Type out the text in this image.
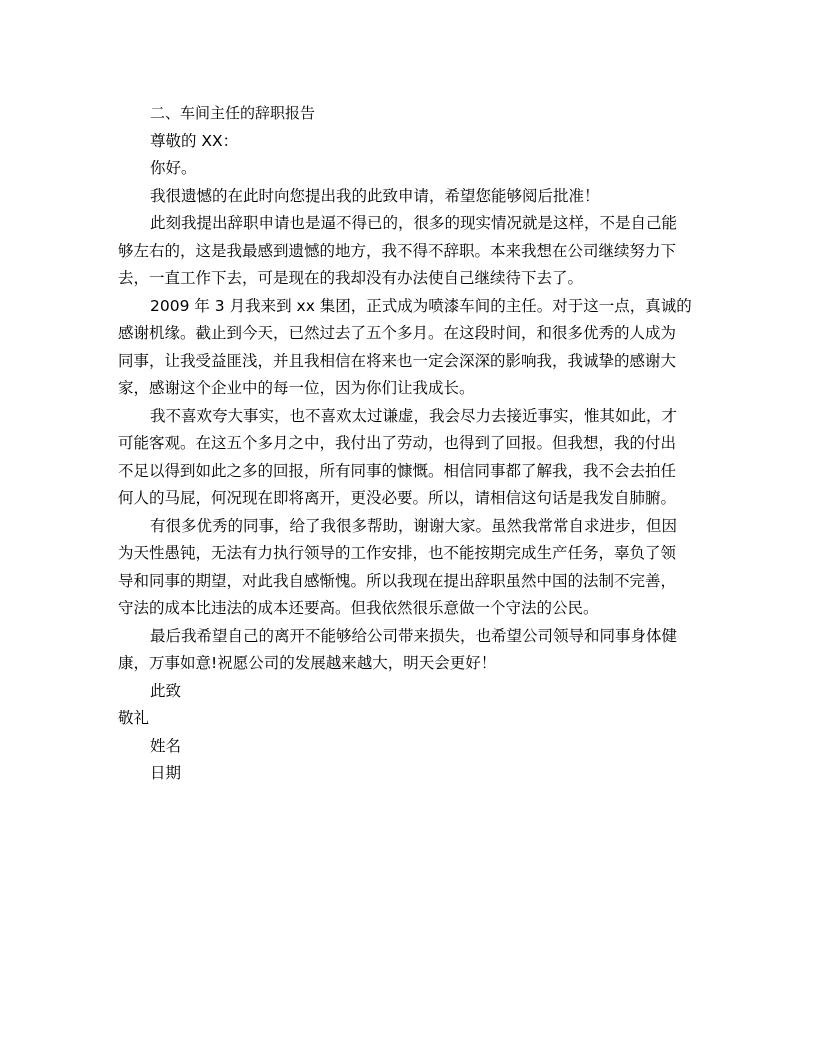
二、车间主任的辞职报告
尊敬的 XX：
你好。
我很遗憾的在此时向您提出我的此致申请，希望您能够阅后批准！
此刻我提出辞职申请也是逼不得已的，很多的现实情况就是这样，不是自己能
够左右的，这是我最感到遗憾的地方，我不得不辞职。本来我想在公司继续努力下
去，一直工作下去，可是现在的我却没有办法使自己继续待下去了。
2009 年 3 月我来到 xx 集团，正式成为喷漆车间的主任。对于这一点，真诚的
感谢机缘。截止到今天，已然过去了五个多月。在这段时间，和很多优秀的人成为
同事，让我受益匪浅，并且我相信在将来也一定会深深的影响我，我诚挚的感谢大
家，感谢这个企业中的每一位，因为你们让我成长。
我不喜欢夸大事实，也不喜欢太过谦虚，我会尽力去接近事实，惟其如此，才
可能客观。在这五个多月之中，我付出了劳动，也得到了回报。但我想，我的付出
不足以得到如此之多的回报，所有同事的慷慨。相信同事都了解我，我不会去拍任
何人的马屁，何况现在即将离开，更没必要。所以，请相信这句话是我发自肺腑。
有很多优秀的同事，给了我很多帮助，谢谢大家。虽然我常常自求进步，但因
为天性愚钝，无法有力执行领导的工作安排，也不能按期完成生产任务，辜负了领
导和同事的期望，对此我自感惭愧。所以我现在提出辞职虽然中国的法制不完善，
守法的成本比违法的成本还要高。但我依然很乐意做一个守法的公民。
最后我希望自己的离开不能够给公司带来损失，也希望公司领导和同事身体健
康，万事如意!祝愿公司的发展越来越大，明天会更好！
此致
敬礼
姓名
日期
